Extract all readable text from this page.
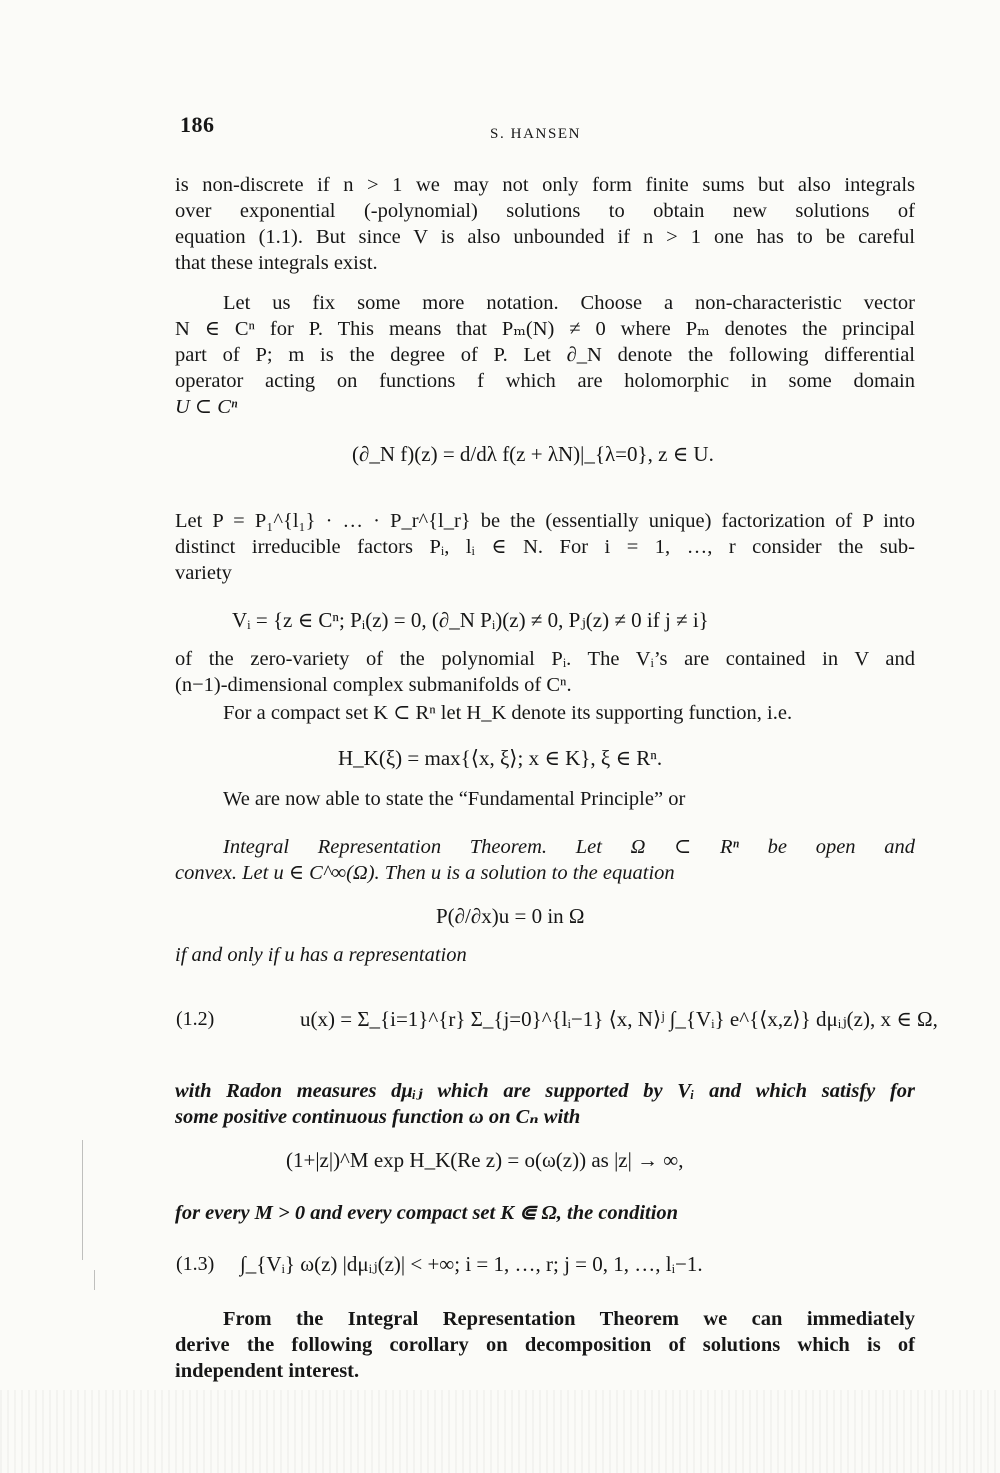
186	S. HANSEN
is non-discrete if n > 1 we may not only form finite sums but also integrals
over exponential (-polynomial) solutions to obtain new solutions of
equation (1.1). But since V is also unbounded if n > 1 one has to be careful
that these integrals exist.
Let us fix some more notation. Choose a non-characteristic vector
N ∈ Cⁿ for P. This means that Pₘ(N) ≠ 0 where Pₘ denotes the principal
part of P; m is the degree of P. Let ∂_N denote the following differential
operator acting on functions f which are holomorphic in some domain
U ⊂ Cⁿ
(∂_N f)(z) = d/dλ f(z + λN)|_{λ=0}, z ∈ U.
Let P = P₁^{l₁} · … · P_r^{l_r} be the (essentially unique) factorization of P into
distinct irreducible factors Pᵢ, lᵢ ∈ N. For i = 1, …, r consider the sub-
variety
Vᵢ = {z ∈ Cⁿ; Pᵢ(z) = 0, (∂_N Pᵢ)(z) ≠ 0, Pⱼ(z) ≠ 0 if j ≠ i}
of the zero-variety of the polynomial Pᵢ. The Vᵢ’s are contained in V and
(n−1)-dimensional complex submanifolds of Cⁿ.
For a compact set K ⊂ Rⁿ let H_K denote its supporting function, i.e.
H_K(ξ) = max{⟨x, ξ⟩; x ∈ K}, ξ ∈ Rⁿ.
We are now able to state the “Fundamental Principle” or
Integral Representation Theorem. Let Ω ⊂ Rⁿ be open and
convex. Let u ∈ C^∞(Ω). Then u is a solution to the equation
P(∂/∂x)u = 0 in Ω
if and only if u has a representation
(1.2)	u(x) = Σ_{i=1}^{r} Σ_{j=0}^{lᵢ−1} ⟨x, N⟩ʲ ∫_{Vᵢ} e^{⟨x,z⟩} dμᵢⱼ(z), x ∈ Ω,
with Radon measures dμᵢⱼ which are supported by Vᵢ and which satisfy for
some positive continuous function ω on Cₙ with
(1+|z|)^M exp H_K(Re z) = o(ω(z)) as |z| → ∞,
for every M > 0 and every compact set K ⋐ Ω, the condition
(1.3) ∫_{Vᵢ} ω(z) |dμᵢⱼ(z)| < +∞; i = 1, …, r; j = 0, 1, …, lᵢ−1.
From the Integral Representation Theorem we can immediately
derive the following corollary on decomposition of solutions which is of
independent interest.
